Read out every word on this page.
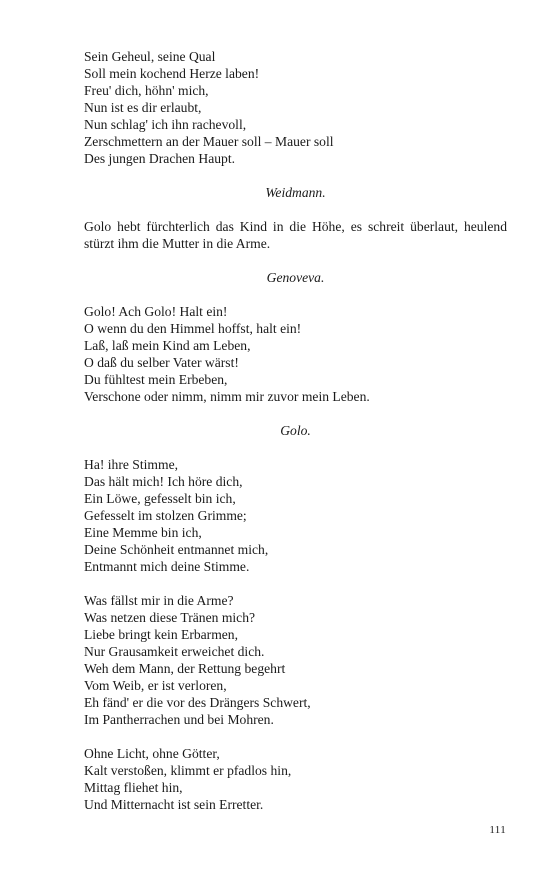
Sein Geheul, seine Qual
Soll mein kochend Herze laben!
Freu' dich, höhn' mich,
Nun ist es dir erlaubt,
Nun schlag' ich ihn rachevoll,
Zerschmettern an der Mauer soll – Mauer soll
Des jungen Drachen Haupt.
Weidmann.
Golo hebt fürchterlich das Kind in die Höhe, es schreit überlaut, heulend stürzt ihm die Mutter in die Arme.
Genoveva.
Golo! Ach Golo! Halt ein!
O wenn du den Himmel hoffst, halt ein!
Laß, laß mein Kind am Leben,
O daß du selber Vater wärst!
Du fühltest mein Erbeben,
Verschone oder nimm, nimm mir zuvor mein Leben.
Golo.
Ha! ihre Stimme,
Das hält mich! Ich höre dich,
Ein Löwe, gefesselt bin ich,
Gefesselt im stolzen Grimme;
Eine Memme bin ich,
Deine Schönheit entmannet mich,
Entmannt mich deine Stimme.
Was fällst mir in die Arme?
Was netzen diese Tränen mich?
Liebe bringt kein Erbarmen,
Nur Grausamkeit erweichet dich.
Weh dem Mann, der Rettung begehrt
Vom Weib, er ist verloren,
Eh fänd' er die vor des Drängers Schwert,
Im Pantherrachen und bei Mohren.
Ohne Licht, ohne Götter,
Kalt verstoßen, klimmt er pfadlos hin,
Mittag fliehet hin,
Und Mitternacht ist sein Erretter.
111
